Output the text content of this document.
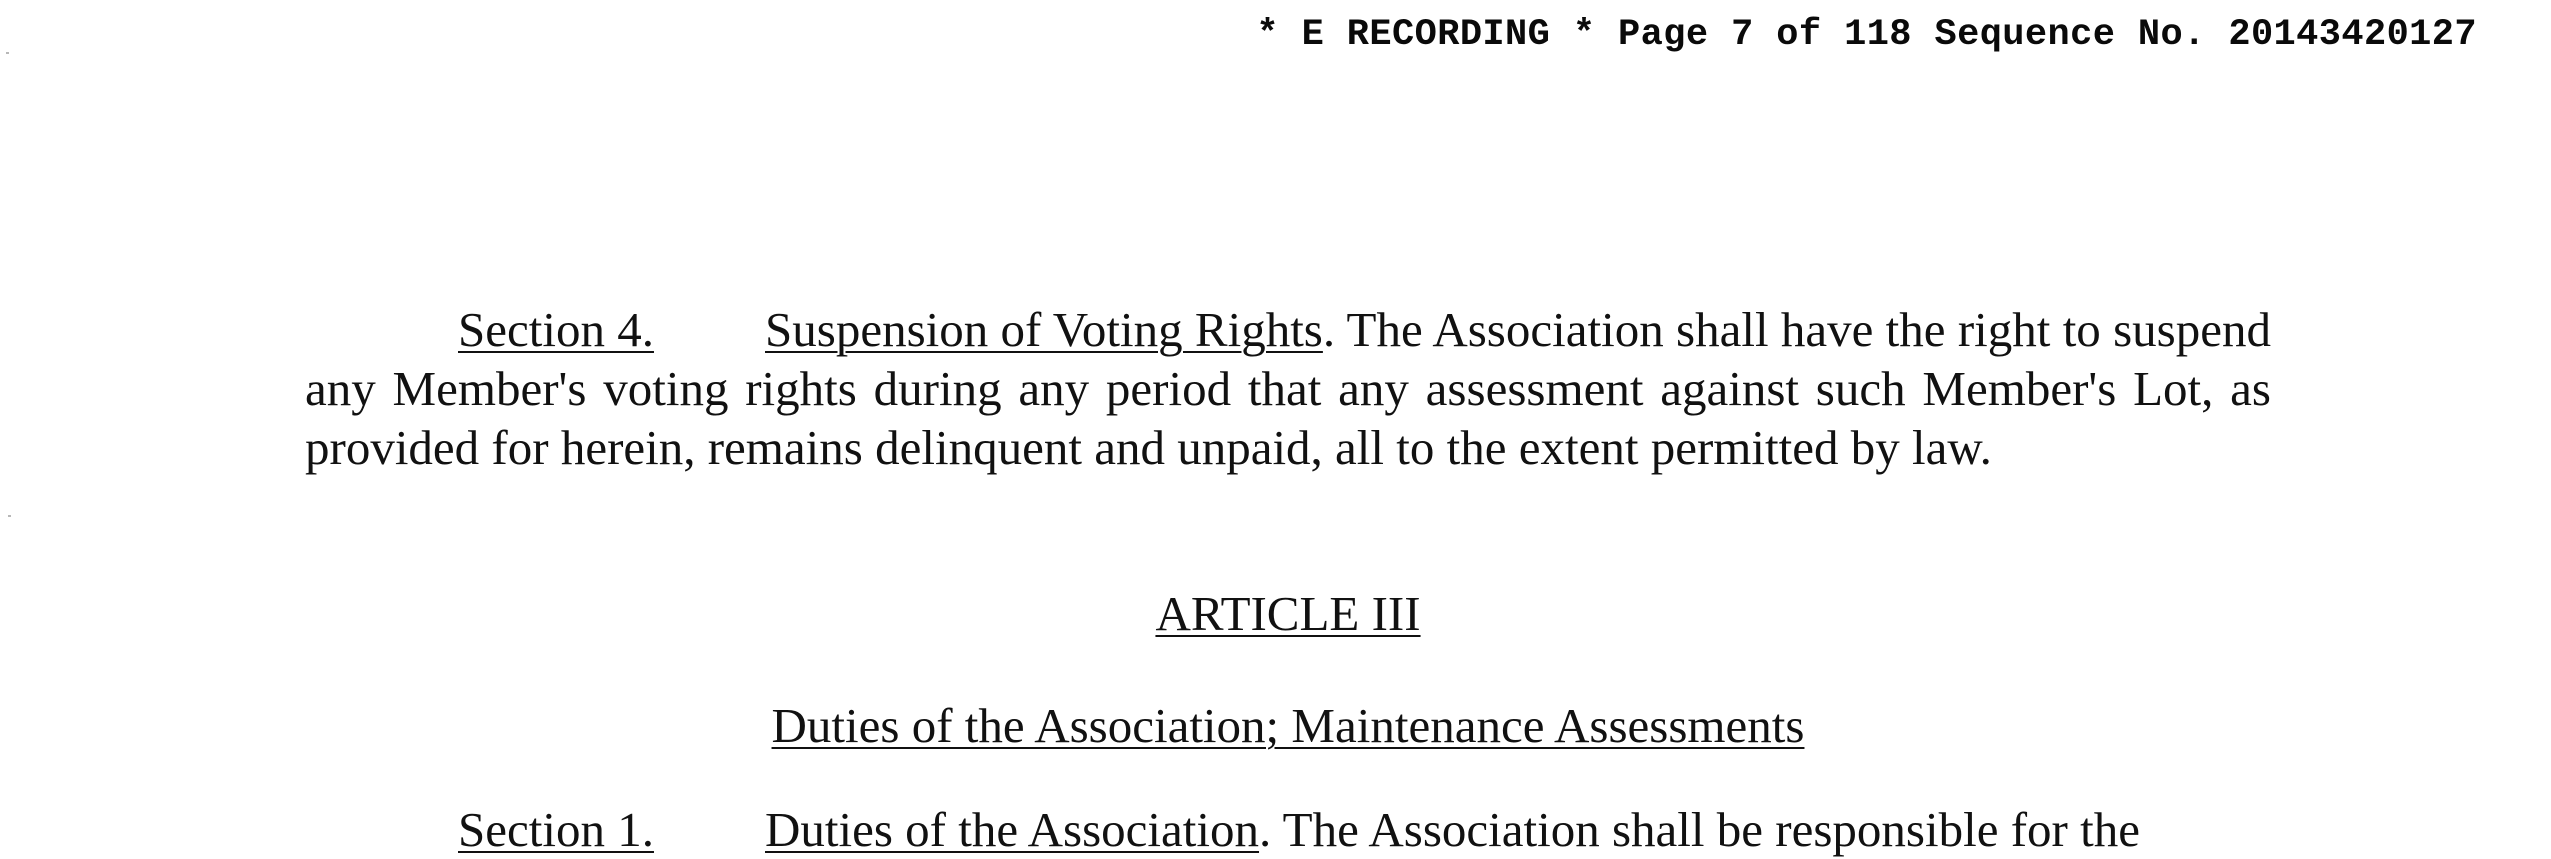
* E RECORDING * Page 7 of 118 Sequence No. 20143420127
Section 4. Suspension of Voting Rights. The Association shall have the right to suspend any Member's voting rights during any period that any assessment against such Member's Lot, as provided for herein, remains delinquent and unpaid, all to the extent permitted by law.
ARTICLE III
Duties of the Association; Maintenance Assessments
Section 1. Duties of the Association. The Association shall be responsible for the
